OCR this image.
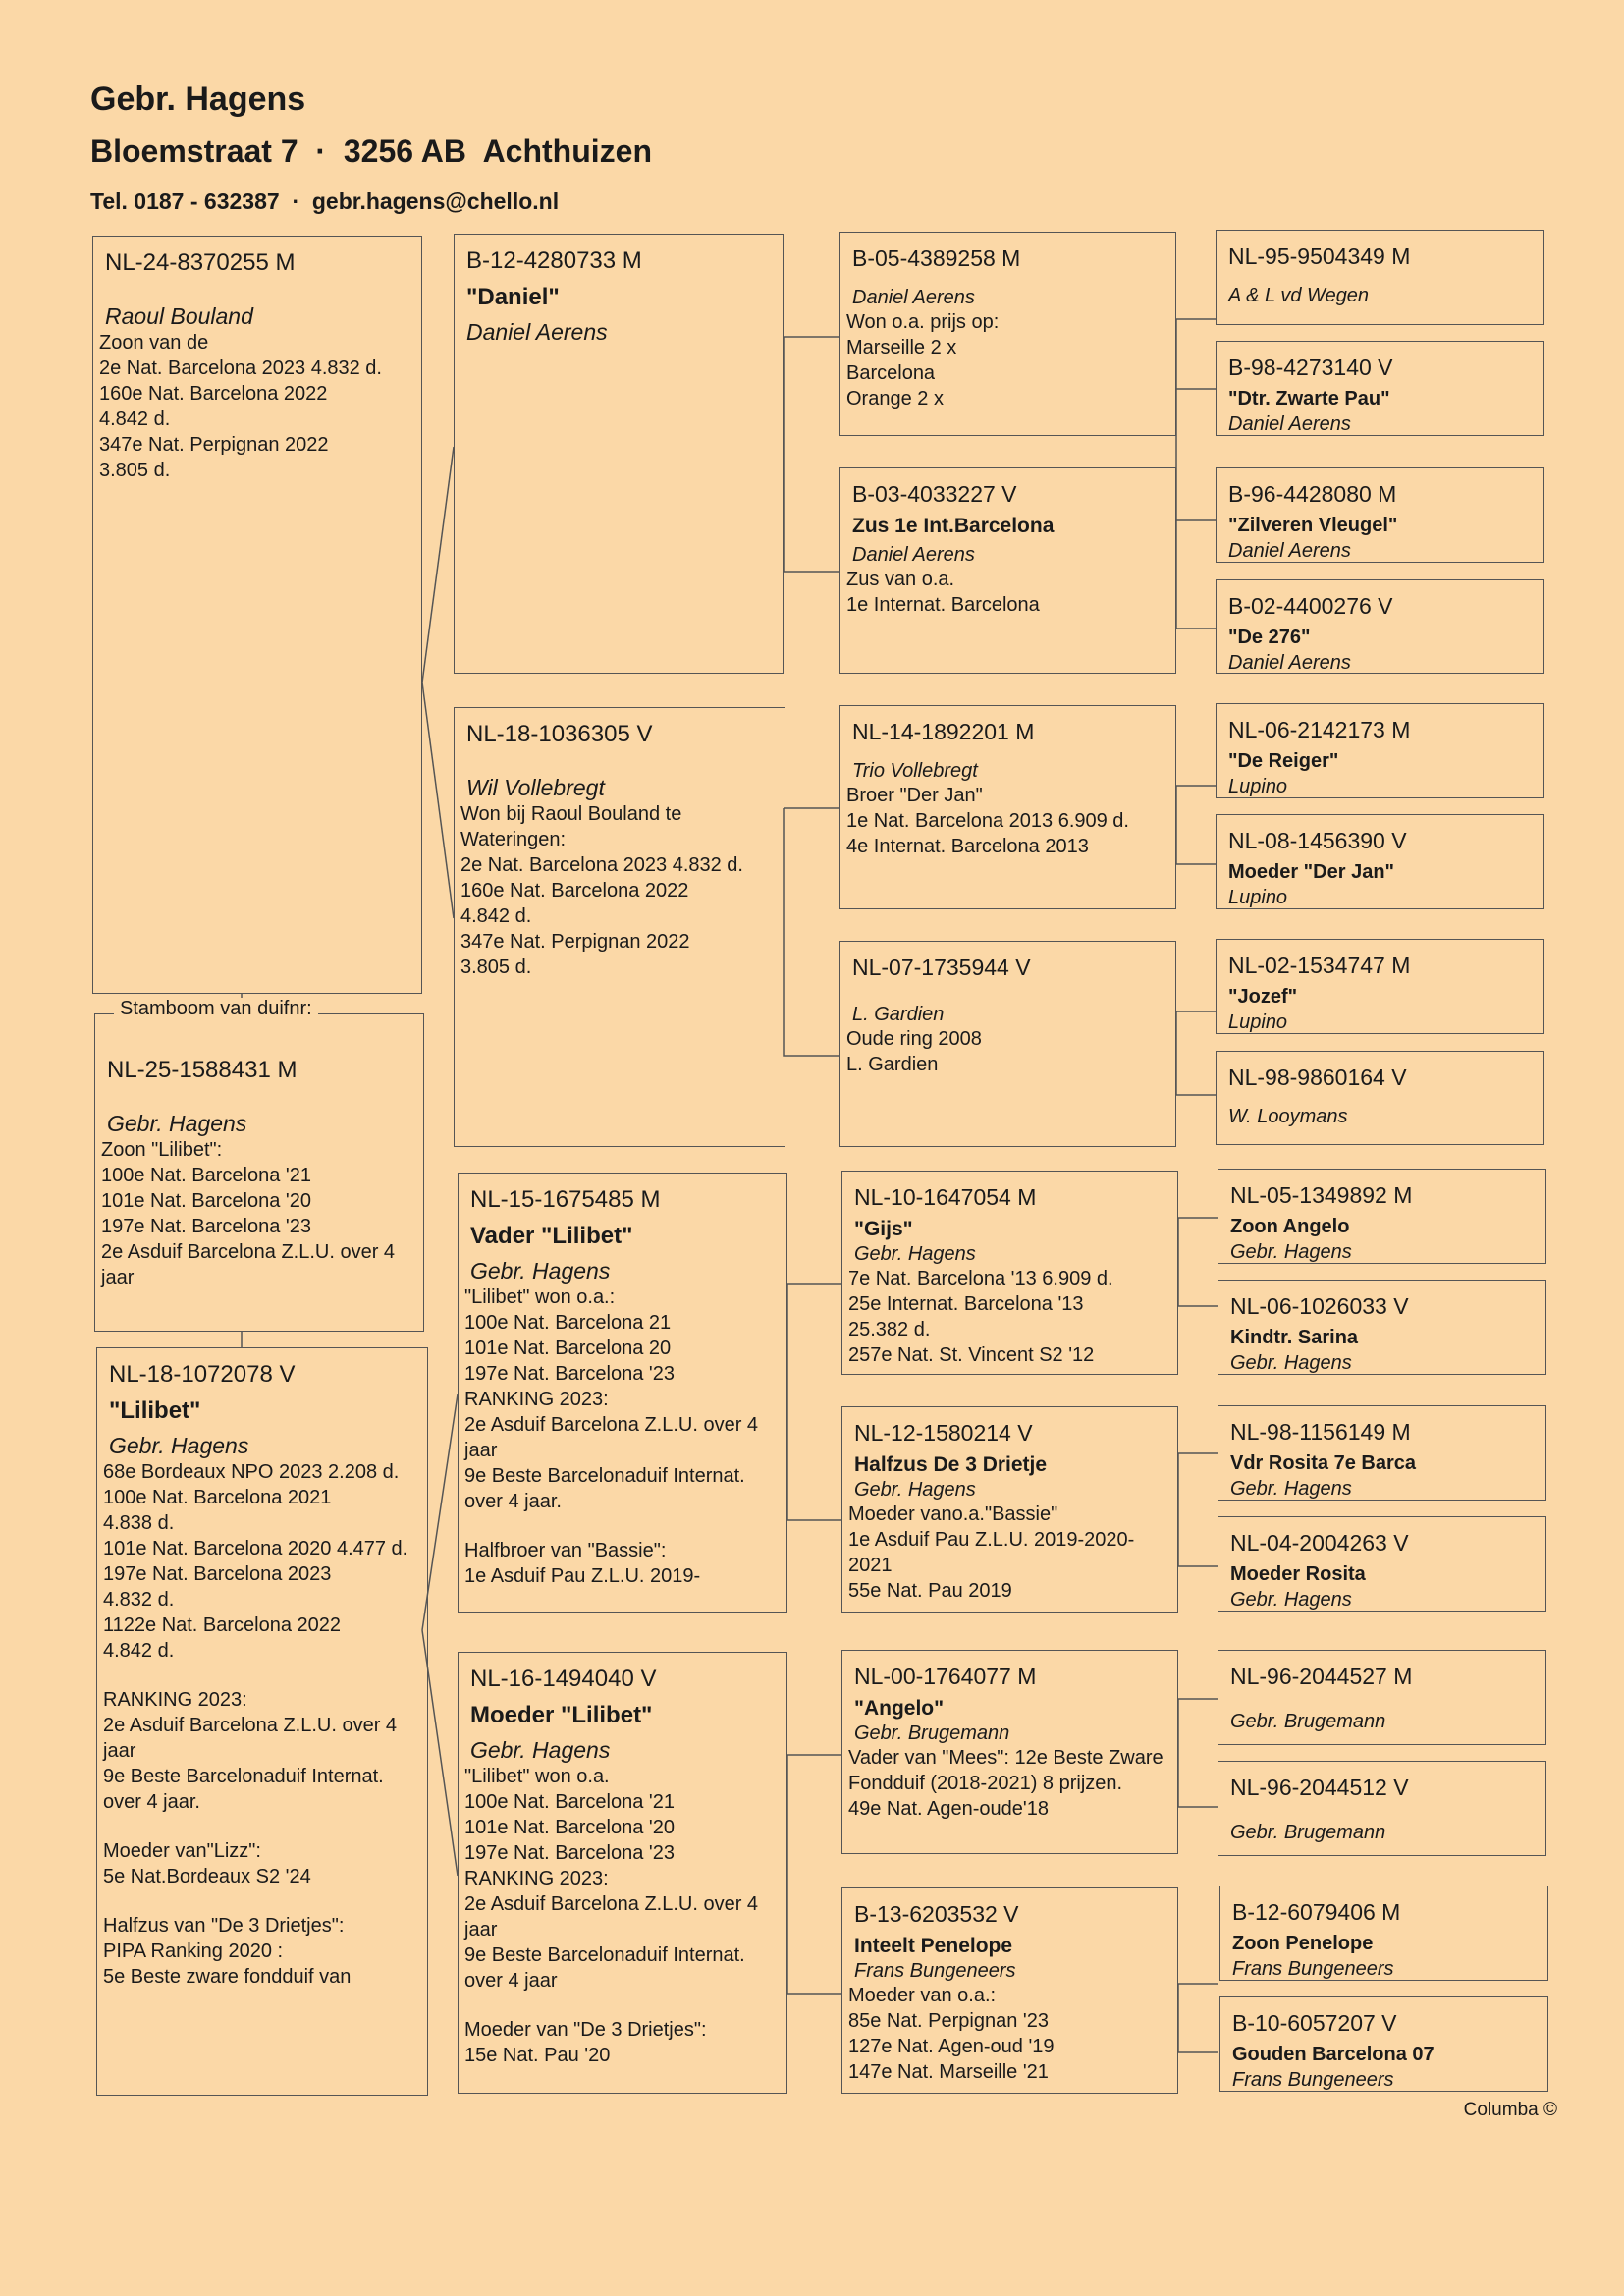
Gebr. Hagens
Bloemstraat 7  ·  3256 AB  Achthuizen
Tel. 0187 - 632387  ·  gebr.hagens@chello.nl
NL-24-8370255 M
Raoul Bouland
Zoon van de
2e Nat. Barcelona 2023 4.832 d.
160e Nat. Barcelona 2022
4.842 d.
347e Nat. Perpignan 2022
3.805 d.
NL-25-1588431 M
Gebr. Hagens
Zoon "Lilibet":
100e Nat. Barcelona '21
101e Nat. Barcelona '20
197e Nat. Barcelona '23
2e Asduif Barcelona Z.L.U. over 4 jaar
Stamboom van duifnr:
NL-18-1072078 V
"Lilibet"
Gebr. Hagens
68e Bordeaux NPO 2023 2.208 d.
100e Nat. Barcelona 2021
4.838 d.
101e Nat. Barcelona 2020 4.477 d.
197e Nat. Barcelona 2023
4.832 d.
1122e Nat. Barcelona 2022
4.842 d.
RANKING 2023:
2e Asduif Barcelona Z.L.U. over 4 jaar
9e Beste Barcelonaduif Internat. over 4 jaar.
Moeder van"Lizz":
5e Nat.Bordeaux S2 '24
Halfzus van "De 3 Drietjes":
PIPA Ranking 2020 :
5e Beste zware fondduif van
B-12-4280733 M
"Daniel"
Daniel Aerens
NL-18-1036305 V
Wil Vollebregt
Won bij Raoul Bouland te Wateringen:
2e Nat. Barcelona 2023 4.832 d.
160e Nat. Barcelona 2022
4.842 d.
347e Nat. Perpignan 2022
3.805 d.
NL-15-1675485 M
Vader "Lilibet"
Gebr. Hagens
"Lilibet" won o.a.:
100e Nat. Barcelona 21
101e Nat. Barcelona 20
197e Nat. Barcelona '23
RANKING 2023:
2e Asduif Barcelona Z.L.U. over 4 jaar
9e Beste Barcelonaduif Internat. over 4 jaar.
Halfbroer van "Bassie":
1e Asduif Pau Z.L.U. 2019-
NL-16-1494040 V
Moeder "Lilibet"
Gebr. Hagens
"Lilibet" won o.a.
100e Nat. Barcelona '21
101e Nat. Barcelona '20
197e Nat. Barcelona '23
RANKING 2023:
2e Asduif Barcelona Z.L.U. over 4 jaar
9e Beste Barcelonaduif Internat. over 4 jaar
Moeder van "De 3 Drietjes":
15e Nat. Pau '20
B-05-4389258 M
Daniel Aerens
Won o.a. prijs op:
Marseille 2 x
Barcelona
Orange 2 x
B-03-4033227 V
Zus 1e Int.Barcelona
Daniel Aerens
Zus van o.a.
1e Internat. Barcelona
NL-14-1892201 M
Trio Vollebregt
Broer "Der Jan"
1e Nat. Barcelona 2013 6.909 d.
4e Internat. Barcelona 2013
NL-07-1735944 V
L. Gardien
Oude ring 2008
L. Gardien
NL-10-1647054 M
"Gijs"
Gebr. Hagens
7e Nat. Barcelona '13 6.909 d.
25e Internat. Barcelona '13
25.382 d.
257e Nat. St. Vincent S2 '12
NL-12-1580214 V
Halfzus De 3 Drietje
Gebr. Hagens
Moeder vano.a."Bassie"
1e Asduif Pau Z.L.U. 2019-2020-2021
55e Nat. Pau 2019
NL-00-1764077 M
"Angelo"
Gebr. Brugemann
Vader van "Mees": 12e Beste Zware Fondduif (2018-2021) 8 prijzen.
49e Nat. Agen-oude'18
B-13-6203532 V
Inteelt Penelope
Frans Bungeneers
Moeder van o.a.:
85e Nat. Perpignan '23
127e Nat. Agen-oud '19
147e Nat. Marseille '21
NL-95-9504349 M
A & L vd Wegen
B-98-4273140 V
"Dtr. Zwarte Pau"
Daniel Aerens
B-96-4428080 M
"Zilveren Vleugel"
Daniel Aerens
B-02-4400276 V
"De 276"
Daniel Aerens
NL-06-2142173 M
"De Reiger"
Lupino
NL-08-1456390 V
Moeder "Der Jan"
Lupino
NL-02-1534747 M
"Jozef"
Lupino
NL-98-9860164 V
W. Looymans
NL-05-1349892 M
Zoon Angelo
Gebr. Hagens
NL-06-1026033 V
Kindtr. Sarina
Gebr. Hagens
NL-98-1156149 M
Vdr Rosita 7e Barca
Gebr. Hagens
NL-04-2004263 V
Moeder Rosita
Gebr. Hagens
NL-96-2044527 M
Gebr. Brugemann
NL-96-2044512 V
Gebr. Brugemann
B-12-6079406 M
Zoon Penelope
Frans Bungeneers
B-10-6057207 V
Gouden Barcelona 07
Frans Bungeneers
Columba ©
